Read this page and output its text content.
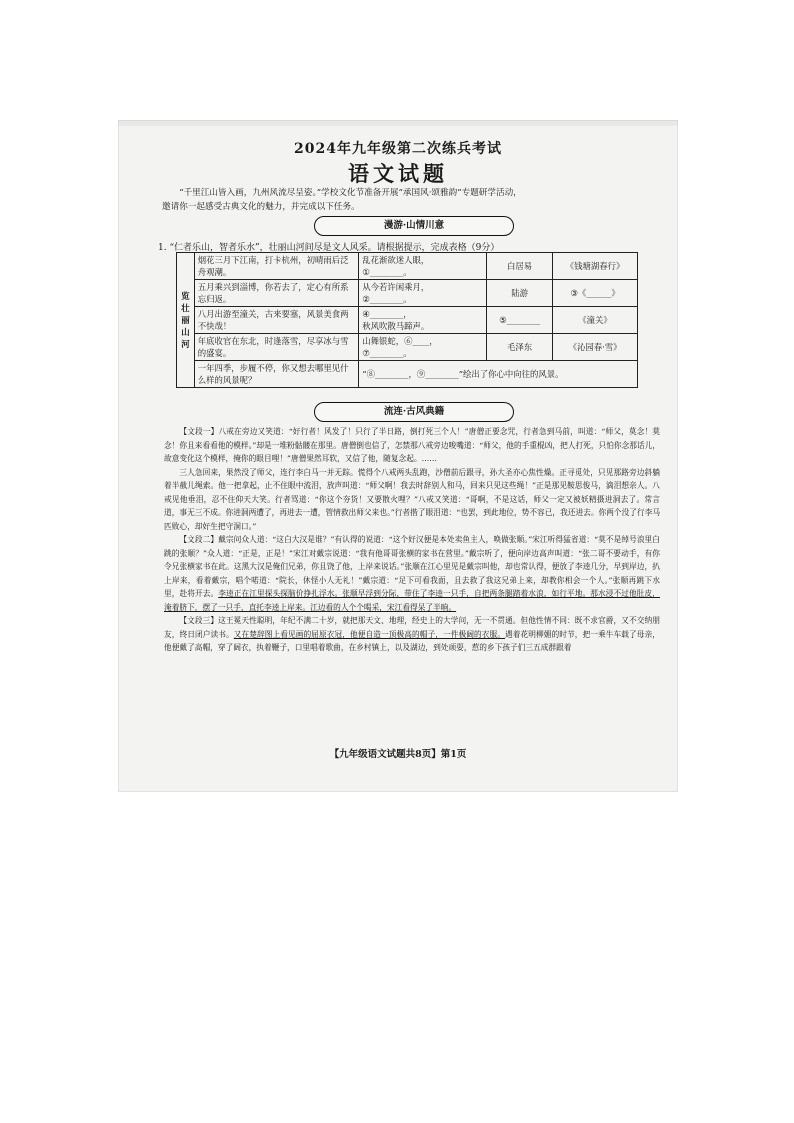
2024年九年级第二次练兵考试
语文试题

“千里江山皆入画，九州风流尽呈姿。”学校文化节准备开展“承国风·颂雅韵”专题研学活动，

邀请你一起感受古典文化的魅力，并完成以下任务。

漫游·山情川意
1. “仁者乐山，智者乐水”，壮丽山河间尽是文人风采。请根据提示，完成表格（9分）
览
壮
丽
山
河	烟花三月下江南，打卡杭州，初晴雨后泛舟观潮。	乱花渐欲迷人眼，
①________。	白居易	《钱塘湖春行》
	五月乘兴到淄博，你若去了，定心有所系忘归返。	从今若许闲乘月，
②________。	陆游	③《______》
	八月出游至潼关，古来要塞，风景美食两不快哉！	④________，
秋风吹散马蹄声。	⑤________	《潼关》
	年底收官在东北，时逢落雪，尽享冰与雪的盛宴。	山舞银蛇，⑥____，
⑦________。	毛泽东	《沁园春·雪》
	一年四季，步履不停，你又想去哪里见什么样的风景呢？	“⑧________，⑨________”绘出了你心中向往的风景。		
流连·古风典籍

【文段一】八戒在旁边又笑道：“好行者！风发了！只行了半日路，倒打死三个人！”唐僧正要念咒，行者急到马前，叫道：“师父，莫念！莫念！你且来看看他的模样。”却是一堆粉骷髅在那里。唐僧倒也信了，怎禁那八戒旁边唆嘴道：“师父，他的手重棍凶，把人打死，只怕你念那话儿，故意变化这个模样，掩你的眼目哩！”唐僧果然耳软，又信了他，随复念起。……

三人急回来，果然没了师父，连行李白马一并无踪。慌得个八戒两头乱跑，沙僧前后跟寻，孙大圣亦心焦性燥。正寻觅处，只见那路旁边斜躺着半截儿绳索。他一把拿起，止不住眼中流泪，放声叫道：“师父啊！我去时辞别人和马，回来只见这些绳！”正是那见鞍思俊马，滴泪想亲人。八戒见他垂泪，忍不住仰天大笑。行者骂道：“你这个夯货！又要散火哩？”八戒又笑道：“哥啊，不是这话，师父一定又被妖精摄进洞去了。常言道，事无三不成。你进洞两遭了，再进去一遭，管情救出师父来也。”行者揩了眼泪道：“也罢，到此地位，势不容已，我还进去。你两个没了行李马匹败心，却好生把守洞口。”

【文段二】戴宗问众人道：“这白大汉是谁？”有认得的说道：“这个好汉便是本处卖鱼主人，唤做张顺。”宋江听得猛省道：“莫不是绰号浪里白跳的张顺？”众人道：“正是，正是！”宋江对戴宗说道：“我有他哥哥张横的家书在营里。”戴宗听了，便向岸边高声叫道：“张二哥不要动手，有你令兄张横家书在此。这黑大汉是俺们兄弟，你且饶了他，上岸来说话。”张顺在江心里见是戴宗叫他，却也常认得，便放了李逵几分，早到岸边，扒上岸来，看着戴宗，唱个喏道：“院长，休怪小人无礼！”戴宗道：“足下可看我面，且去救了我这兄弟上来，却教你相会一个人。”张顺再跳下水里，赴将开去。李逵正在江里探头探脑价挣扎浮水。张顺早浮到分际，带住了李逵一只手，自把两条腿踏着水浪，如行平地。那水浸不过他肚皮，淹着脐下，摆了一只手，直托李逵上岸来。江边看的人个个喝采，宋江看得呆了半晌。

【文段三】这王冕天性聪明，年纪不满二十岁，就把那天文、地理，经史上的大学问，无一不贯通。但他性情不同：既不求官爵，又不交纳朋友，终日闭户读书。又在楚辞图上看见画的屈原衣冠，他便自造一顶极高的帽子，一件极阔的衣服。遇着花明柳媚的时节，把一乘牛车载了母亲，他便戴了高帽，穿了阔衣，执着鞭子，口里唱着歌曲，在乡村镇上，以及湖边，到处顽耍，惹的乡下孩子们三五成群跟着

【九年级语文试题共8页】第1页
